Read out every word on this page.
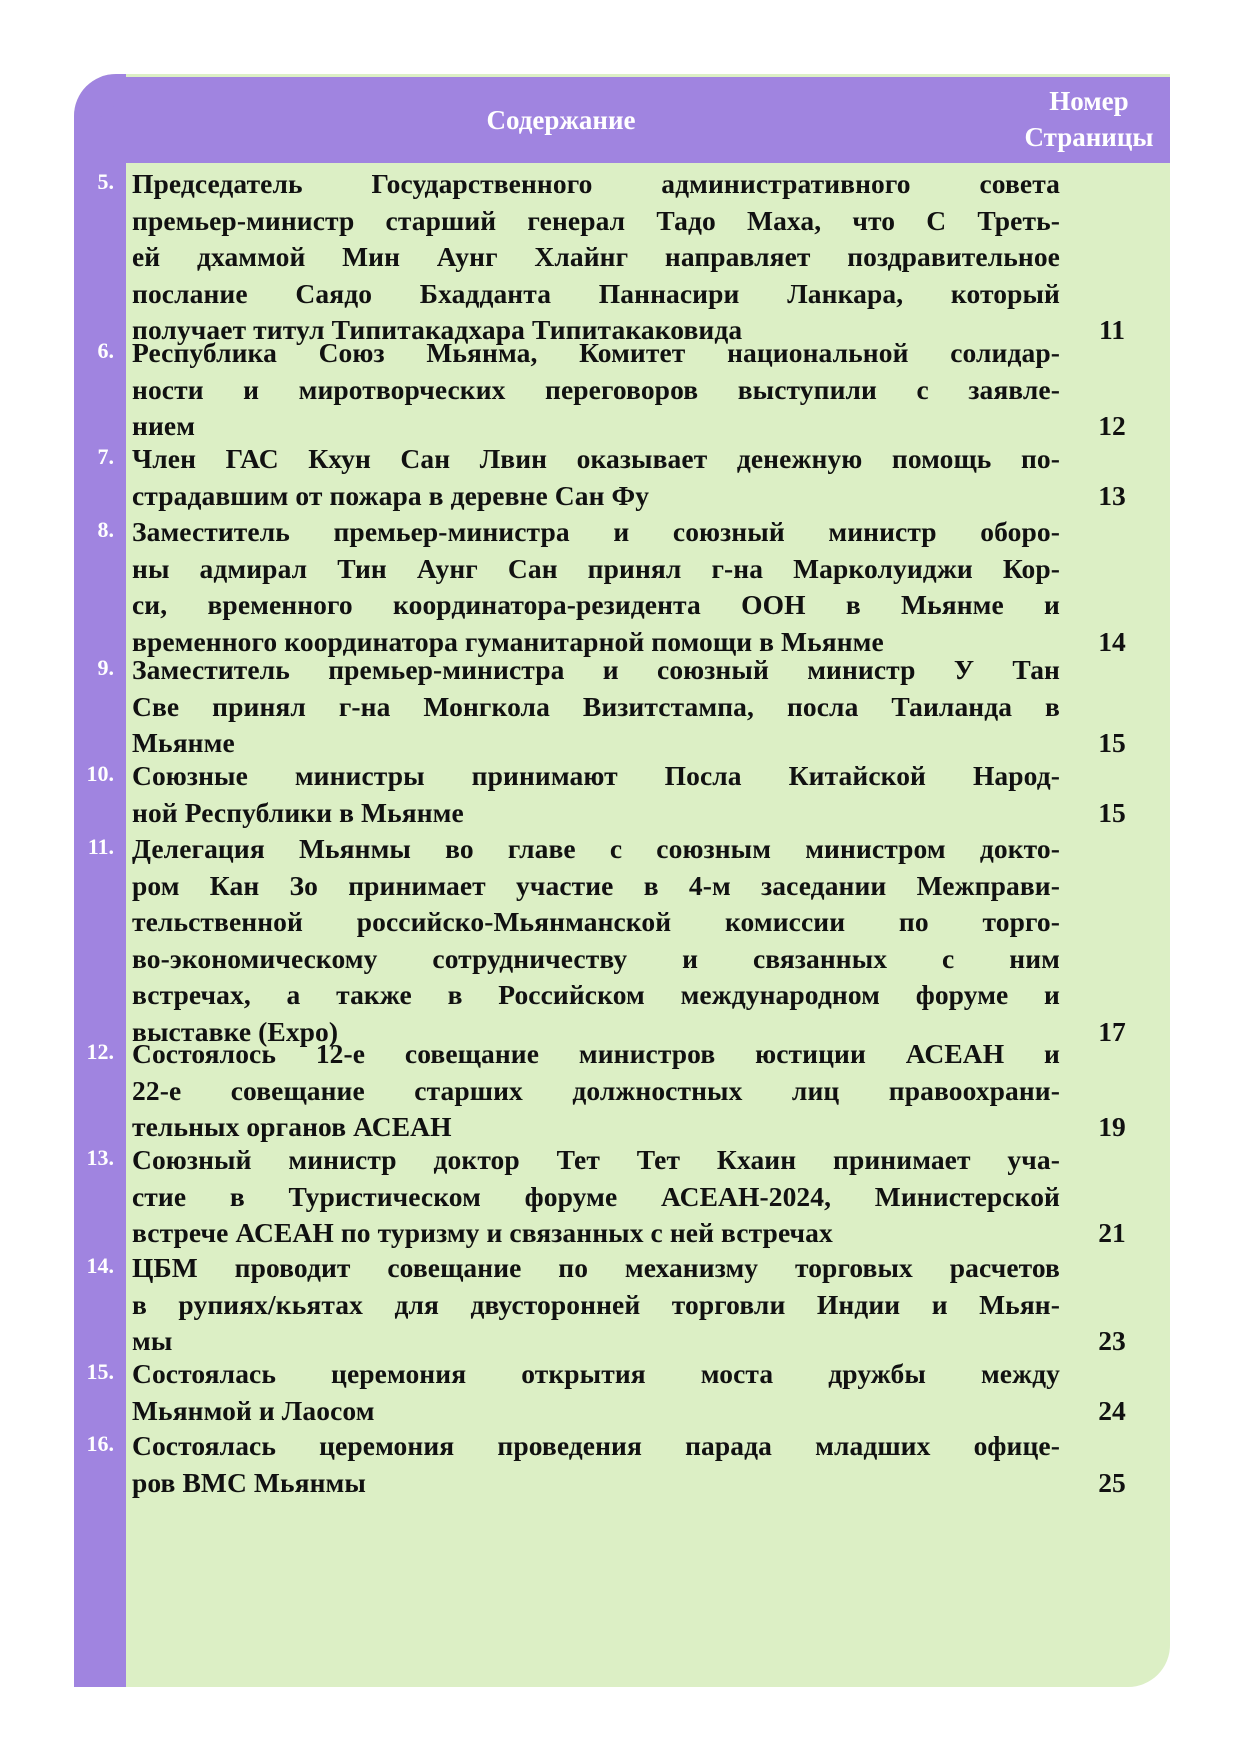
Содержание
Номер
Страницы
5. Председатель Государственного административного совета
премьер-министр старший генерал Тадо Маха, что С Треть-
ей дхаммой Мин Аунг Хлайнг направляет поздравительное
послание Саядо Бхадданта Паннасири Ланкара, который
получает титул Типитакадхара Типитакаковида	11
6. Республика Союз Мьянма, Комитет национальной солидар-
ности и миротворческих переговоров выступили с заявле-
нием	12
7. Член ГАС Кхун Сан Лвин оказывает денежную помощь по-
страдавшим от пожара в деревне Сан Фу	13
8. Заместитель премьер-министра и союзный министр оборо-
ны адмирал Тин Аунг Сан принял г-на Марколуиджи Кор-
си, временного координатора-резидента ООН в Мьянме и
временного координатора гуманитарной помощи в Мьянме	14
9. Заместитель премьер-министра и союзный министр У Тан
Све принял г-на Монгкола Визитстампа, посла Таиланда в
Мьянме	15
10. Союзные министры принимают Посла Китайской Народ-
ной Республики в Мьянме	15
11. Делегация Мьянмы во главе с союзным министром докто-
ром Кан Зо принимает участие в 4-м заседании Межправи-
тельственной российско-Мьянманской комиссии по торго-
во-экономическому сотрудничеству и связанных с ним
встречах, а также в Российском международном форуме и
выставке (Expo)	17
12. Состоялось 12-е совещание министров юстиции АСЕАН и
22-е совещание старших должностных лиц правоохрани-
тельных органов АСЕАН	19
13. Союзный министр доктор Тет Тет Кхаин принимает уча-
стие в Туристическом форуме АСЕАН-2024, Министерской
встрече АСЕАН по туризму и связанных с ней встречах	21
14. ЦБМ проводит совещание по механизму торговых расчетов
в рупиях/кьятах для двусторонней торговли Индии и Мьян-
мы	23
15. Состоялась церемония открытия моста дружбы между
Мьянмой и Лаосом	24
16. Состоялась церемония проведения парада младших офице-
ров ВМС Мьянмы	25
